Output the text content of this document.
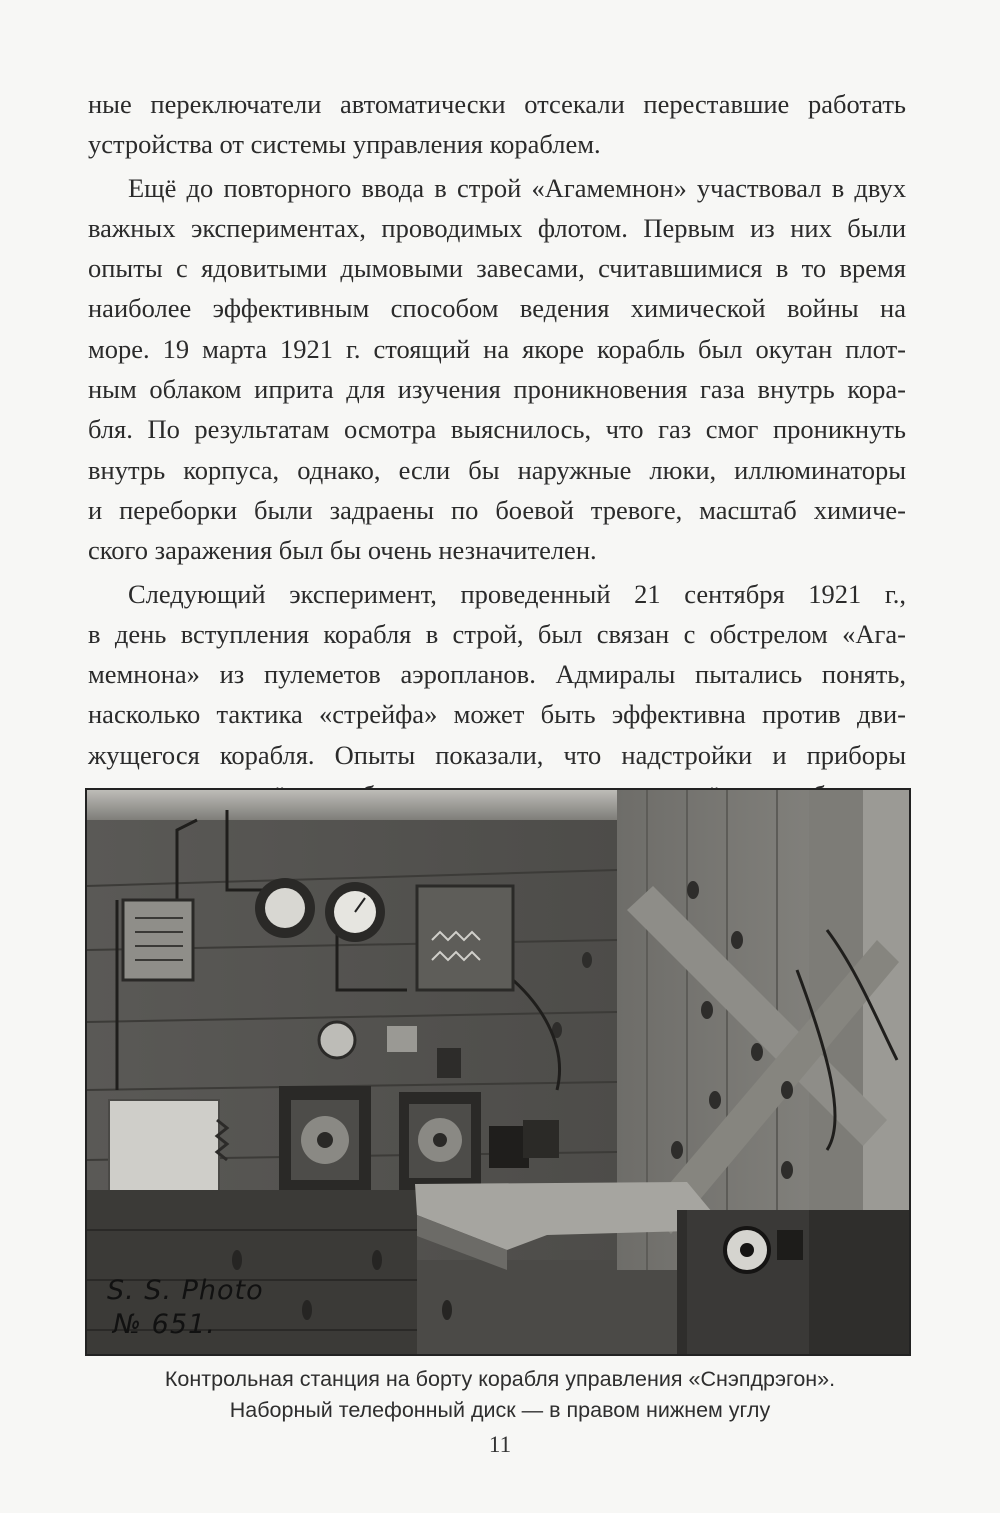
ные переключатели автоматически отсекали переставшие работать
устройства от системы управления кораблем.
Ещё до повторного ввода в строй «Агамемнон» участвовал в двух
важных экспериментах, проводимых флотом. Первым из них были
опыты с ядовитыми дымовыми завесами, считавшимися в то время
наиболее эффективным способом ведения химической войны на
море. 19 марта 1921 г. стоящий на якоре корабль был окутан плот-
ным облаком иприта для изучения проникновения газа внутрь кора-
бля. По результатам осмотра выяснилось, что газ смог проникнуть
внутрь корпуса, однако, если бы наружные люки, иллюминаторы
и переборки были задраены по боевой тревоге, масштаб химиче-
ского заражения был бы очень незначителен.
Следующий эксперимент, проведенный 21 сентября 1921 г.,
в день вступления корабля в строй, был связан с обстрелом «Ага-
мемнона» из пулеметов аэропланов. Адмиралы пытались понять,
насколько тактика «стрейфа» может быть эффективна против дви-
жущегося корабля. Опыты показали, что надстройки и приборы
S. S. Photo
№ 651.
Контрольная станция на борту корабля управления «Снэпдрэгон».
Наборный телефонный диск — в правом нижнем углу
11
